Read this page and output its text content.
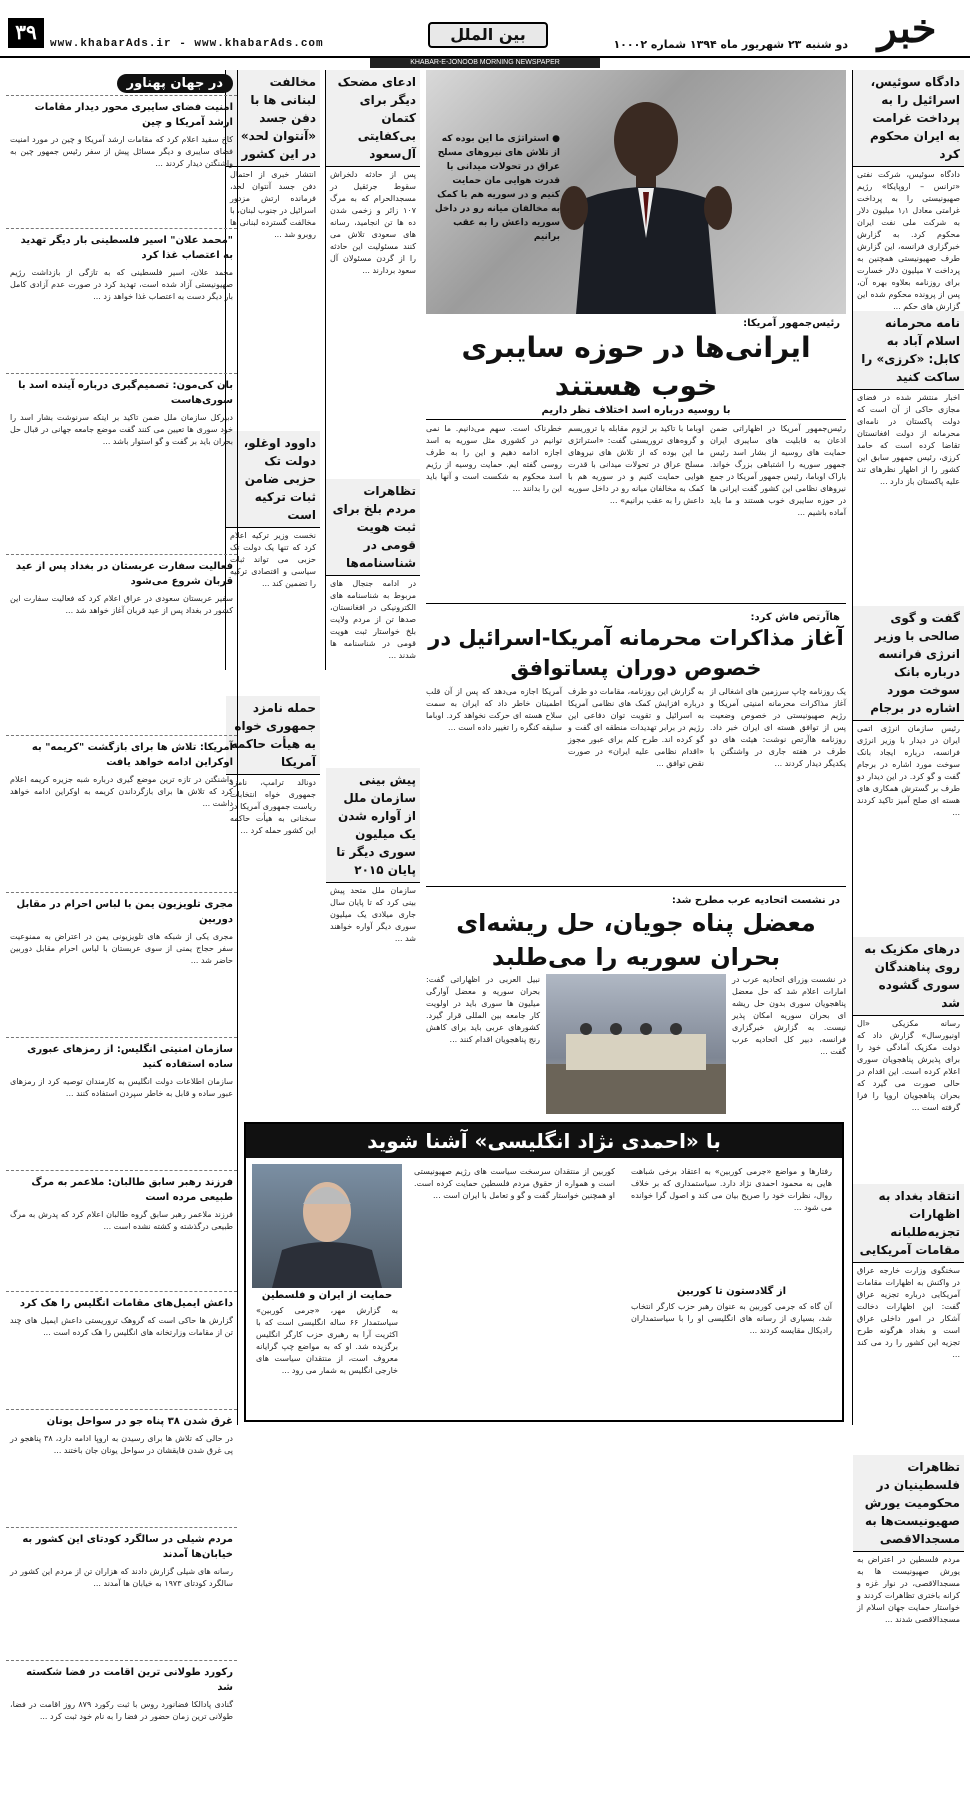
۳۹	www.khabarAds.ir - www.khabarAds.com	بین الملل
دو شنبه ۲۳ شهریور ماه ۱۳۹۴ شماره ۱۰۰۰۲ خبر
KHABAR-E-JONOOB MORNING NEWSPAPER
دادگاه سوئیس، اسرائیل را به پرداخت غرامت به ایران محکوم کرد

دادگاه سوئیس، شرکت نفتی «ترانس – اروپایکا» رژیم صهیونیستی را به پرداخت غرامتی معادل ۱٫۱ میلیون دلار به شرکت ملی نفت ایران محکوم کرد. به گزارش خبرگزاری فرانسه، این گزارش طرف صهیونیستی همچنین به پرداخت ۷ میلیون دلار خسارت برای روزنامه بعلاوه بهره آن، پس از پرونده محکوم شده این گزارش های حکم ...

نامه محرمانه اسلام آباد به کابل: «کرزی» را ساکت کنید

اخبار منتشر شده در فضای مجازی حاکی از آن است که دولت پاکستان در نامه‌ای محرمانه از دولت افغانستان تقاضا کرده است که حامد کرزی، رئیس جمهور سابق این کشور را از اظهار نظرهای تند علیه پاکستان باز دارد ...

گفت و گوی صالحی با وزیر انرژی فرانسه درباره بانک سوخت مورد اشاره در برجام

رئیس سازمان انرژی اتمی ایران در دیدار با وزیر انرژی فرانسه، درباره ایجاد بانک سوخت مورد اشاره در برجام گفت و گو کرد. در این دیدار دو طرف بر گسترش همکاری های هسته ای صلح آمیز تاکید کردند ...

درهای مکزیک به روی پناهندگان سوری گشوده شد

رسانه مکزیکی «ال اونیورسال» گزارش داد که دولت مکزیک آمادگی خود را برای پذیرش پناهجویان سوری اعلام کرده است. این اقدام در حالی صورت می گیرد که بحران پناهجویان اروپا را فرا گرفته است ...

انتقاد بغداد به اظهارات تجزیه‌طلبانه مقامات آمریکایی

سخنگوی وزارت خارجه عراق در واکنش به اظهارات مقامات آمریکایی درباره تجزیه عراق گفت: این اظهارات دخالت آشکار در امور داخلی عراق است و بغداد هرگونه طرح تجزیه این کشور را رد می کند ...

تظاهرات فلسطینیان در محکومیت یورش صهیونیست‌ها به مسجدالاقصی

مردم فلسطین در اعتراض به یورش صهیونیست ها به مسجدالاقصی، در نوار غزه و کرانه باختری تظاهرات کردند و خواستار حمایت جهان اسلام از مسجدالاقصی شدند ...

● استراتژی ما این بوده که از تلاش های نیروهای مسلح عراق در تحولات میدانی با قدرت هوایی مان حمایت کنیم و در سوریه هم با کمک به مخالفان میانه رو در داخل سوریه داعش را به عقب برانیم
رئیس‌جمهور آمریکا:
ایرانی‌ها در حوزه سایبری خوب هستند
با روسیه درباره اسد اختلاف نظر داریم

رئیس‌جمهور آمریکا در اظهاراتی ضمن اذعان به قابلیت های سایبری ایران حمایت های روسیه از بشار اسد رئیس جمهور سوریه را اشتباهی بزرگ خواند. باراک اوباما، رئیس جمهور آمریکا در جمع نیروهای نظامی این کشور گفت ایرانی ها در حوزه سایبری خوب هستند و ما باید آماده باشیم ...

اوباما با تاکید بر لزوم مقابله با تروریسم و گروه‌های تروریستی گفت: «استراتژی ما این بوده که از تلاش های نیروهای مسلح عراق در تحولات میدانی با قدرت هوایی حمایت کنیم و در سوریه هم با کمک به مخالفان میانه رو در داخل سوریه داعش را به عقب برانیم» ...

خطرناک است. سهم می‌دانیم. ما نمی توانیم در کشوری مثل سوریه به اسد اجازه ادامه دهیم و این را به طرف روسی گفته ایم. حمایت روسیه از رژیم اسد محکوم به شکست است و آنها باید این را بدانند ...

هاآرتص فاش کرد:
آغاز مذاکرات محرمانه آمریکا-اسرائیل در خصوص دوران پساتوافق

یک روزنامه چاپ سرزمین های اشغالی از آغاز مذاکرات محرمانه امنیتی آمریکا و رژیم صهیونیستی در خصوص وضعیت پس از توافق هسته ای ایران خبر داد. روزنامه هاآرتص نوشت: هیئت های دو طرف در هفته جاری در واشنگتن با یکدیگر دیدار کردند ...

به گزارش این روزنامه، مقامات دو طرف درباره افزایش کمک های نظامی آمریکا به اسرائیل و تقویت توان دفاعی این رژیم در برابر تهدیدات منطقه ای گفت و گو کرده اند. طرح کلم برای عبور مجوز «اقدام نظامی علیه ایران» در صورت نقض توافق ...

آمریکا اجازه می‌دهد که پس از آن قلب اطمینان خاطر داد که ایران به سمت سلاح هسته ای حرکت نخواهد کرد. اوباما سلیقه کنگره را تغییر داده است ...

در نشست اتحادیه عرب مطرح شد:
معضل پناه جویان، حل ریشه‌ای بحران سوریه را می‌طلبد

در نشست وزرای اتحادیه عرب در امارات اعلام شد که حل معضل پناهجویان سوری بدون حل ریشه ای بحران سوریه امکان پذیر نیست. به گزارش خبرگزاری فرانسه، دبیر کل اتحادیه عرب گفت ...

نبیل العربی در اظهاراتی گفت: بحران سوریه و معضل آوارگی میلیون ها سوری باید در اولویت کار جامعه بین المللی قرار گیرد. کشورهای عربی باید برای کاهش رنج پناهجویان اقدام کنند ...

ادعای مضحک دیگر برای کتمان بی‌کفایتی آل‌سعود

پس از حادثه دلخراش سقوط جرثقیل در مسجدالحرام که به مرگ ۱۰۷ زائر و زخمی شدن ده ها تن انجامید، رسانه های سعودی تلاش می کنند مسئولیت این حادثه را از گردن مسئولان آل سعود بردارند ...

تظاهرات مردم بلخ برای ثبت هویت قومی در شناسنامه‌ها

در ادامه جنجال های مربوط به شناسنامه های الکترونیکی در افغانستان، صدها تن از مردم ولایت بلخ خواستار ثبت هویت قومی در شناسنامه ها شدند ...

پیش بینی سازمان ملل از آواره شدن یک میلیون سوری دیگر تا پایان ۲۰۱۵

سازمان ملل متحد پیش بینی کرد که تا پایان سال جاری میلادی یک میلیون سوری دیگر آواره خواهند شد ...

مخالفت لبنانی ها با دفن جسد «آنتوان لحد» در این کشور

انتشار خبری از احتمال دفن جسد آنتوان لحد، فرمانده ارتش مزدور اسرائیل در جنوب لبنان، با مخالفت گسترده لبنانی ها روبرو شد ...

داوود اوغلو، دولت تک حزبی ضامن ثبات ترکیه است

نخست وزیر ترکیه اعلام کرد که تنها یک دولت تک حزبی می تواند ثبات سیاسی و اقتصادی ترکیه را تضمین کند ...

حمله نامزد جمهوری خواه به هیأت حاکمه آمریکا

دونالد ترامپ، نامزد جمهوری خواه انتخابات ریاست جمهوری آمریکا در سخنانی به هیأت حاکمه این کشور حمله کرد ...

در جهان پهناور
امنیت فضای سایبری محور دیدار مقامات ارشد آمریکا و چین

کاخ سفید اعلام کرد که مقامات ارشد آمریکا و چین در مورد امنیت فضای سایبری و دیگر مسائل پیش از سفر رئیس جمهور چین به واشنگتن دیدار کردند ...

"محمد علان" اسیر فلسطینی بار دیگر تهدید به اعتصاب غذا کرد

محمد علان، اسیر فلسطینی که به تازگی از بازداشت رژیم صهیونیستی آزاد شده است، تهدید کرد در صورت عدم آزادی کامل بار دیگر دست به اعتصاب غذا خواهد زد ...

بان کی‌مون: تصمیم‌گیری درباره آینده اسد با سوری‌هاست

دبیرکل سازمان ملل ضمن تاکید بر اینکه سرنوشت بشار اسد را خود سوری ها تعیین می کنند گفت موضع جامعه جهانی در قبال حل بحران باید بر گفت و گو استوار باشد ...

فعالیت سفارت عربستان در بغداد پس از عید قربان شروع می‌شود

سفیر عربستان سعودی در عراق اعلام کرد که فعالیت سفارت این کشور در بغداد پس از عید قربان آغاز خواهد شد ...

آمریکا: تلاش ها برای بازگشت "کریمه" به اوکراین ادامه خواهد یافت

واشنگتن در تازه ترین موضع گیری درباره شبه جزیره کریمه اعلام کرد که تلاش ها برای بازگرداندن کریمه به اوکراین ادامه خواهد داشت ...

مجری تلویزیون یمن با لباس احرام در مقابل دوربین

مجری یکی از شبکه های تلویزیونی یمن در اعتراض به ممنوعیت سفر حجاج یمنی از سوی عربستان با لباس احرام مقابل دوربین حاضر شد ...

سازمان امنیتی انگلیس: از رمزهای عبوری ساده استفاده کنید

سازمان اطلاعات دولت انگلیس به کارمندان توصیه کرد از رمزهای عبور ساده و قابل به خاطر سپردن استفاده کنند ...

فرزند رهبر سابق طالبان: ملاعمر به مرگ طبیعی مرده است

فرزند ملاعمر رهبر سابق گروه طالبان اعلام کرد که پدرش به مرگ طبیعی درگذشته و کشته نشده است ...

داعش ایمیل‌های مقامات انگلیس را هک کرد

گزارش ها حاکی است که گروهک تروریستی داعش ایمیل های چند تن از مقامات وزارتخانه های انگلیس را هک کرده است ...

غرق شدن ۳۸ پناه جو در سواحل یونان

در حالی که تلاش ها برای رسیدن به اروپا ادامه دارد، ۳۸ پناهجو در پی غرق شدن قایقشان در سواحل یونان جان باختند ...

مردم شیلی در سالگرد کودتای این کشور به خیابان‌ها آمدند

رسانه های شیلی گزارش دادند که هزاران تن از مردم این کشور در سالگرد کودتای ۱۹۷۳ به خیابان ها آمدند ...

رکورد طولانی ترین اقامت در فضا شکسته شد

گنادی پادالکا فضانورد روس با ثبت رکورد ۸۷۹ روز اقامت در فضا، طولانی ترین زمان حضور در فضا را به نام خود ثبت کرد ...

با «احمدی نژاد انگلیسی» آشنا شوید

رفتارها و مواضع «جرمی کوربین» به اعتقاد برخی شباهت هایی به محمود احمدی نژاد دارد. سیاستمداری که بر خلاف روال، نظرات خود را صریح بیان می کند و اصول گرا خوانده می شود ...

از گلادستون تا کوربین

آن گاه که جرمی کوربین به عنوان رهبر حزب کارگر انتخاب شد، بسیاری از رسانه های انگلیسی او را با سیاستمداران رادیکال مقایسه کردند ...

کوربین از منتقدان سرسخت سیاست های رژیم صهیونیستی است و همواره از حقوق مردم فلسطین حمایت کرده است. او همچنین خواستار گفت و گو و تعامل با ایران است ...

حمایت از ایران و فلسطین

به گزارش مهر، «جرمی کوربین» سیاستمدار ۶۶ ساله انگلیسی است که با اکثریت آرا به رهبری حزب کارگر انگلیس برگزیده شد. او که به مواضع چپ گرایانه معروف است، از منتقدان سیاست های خارجی انگلیس به شمار می رود ...
